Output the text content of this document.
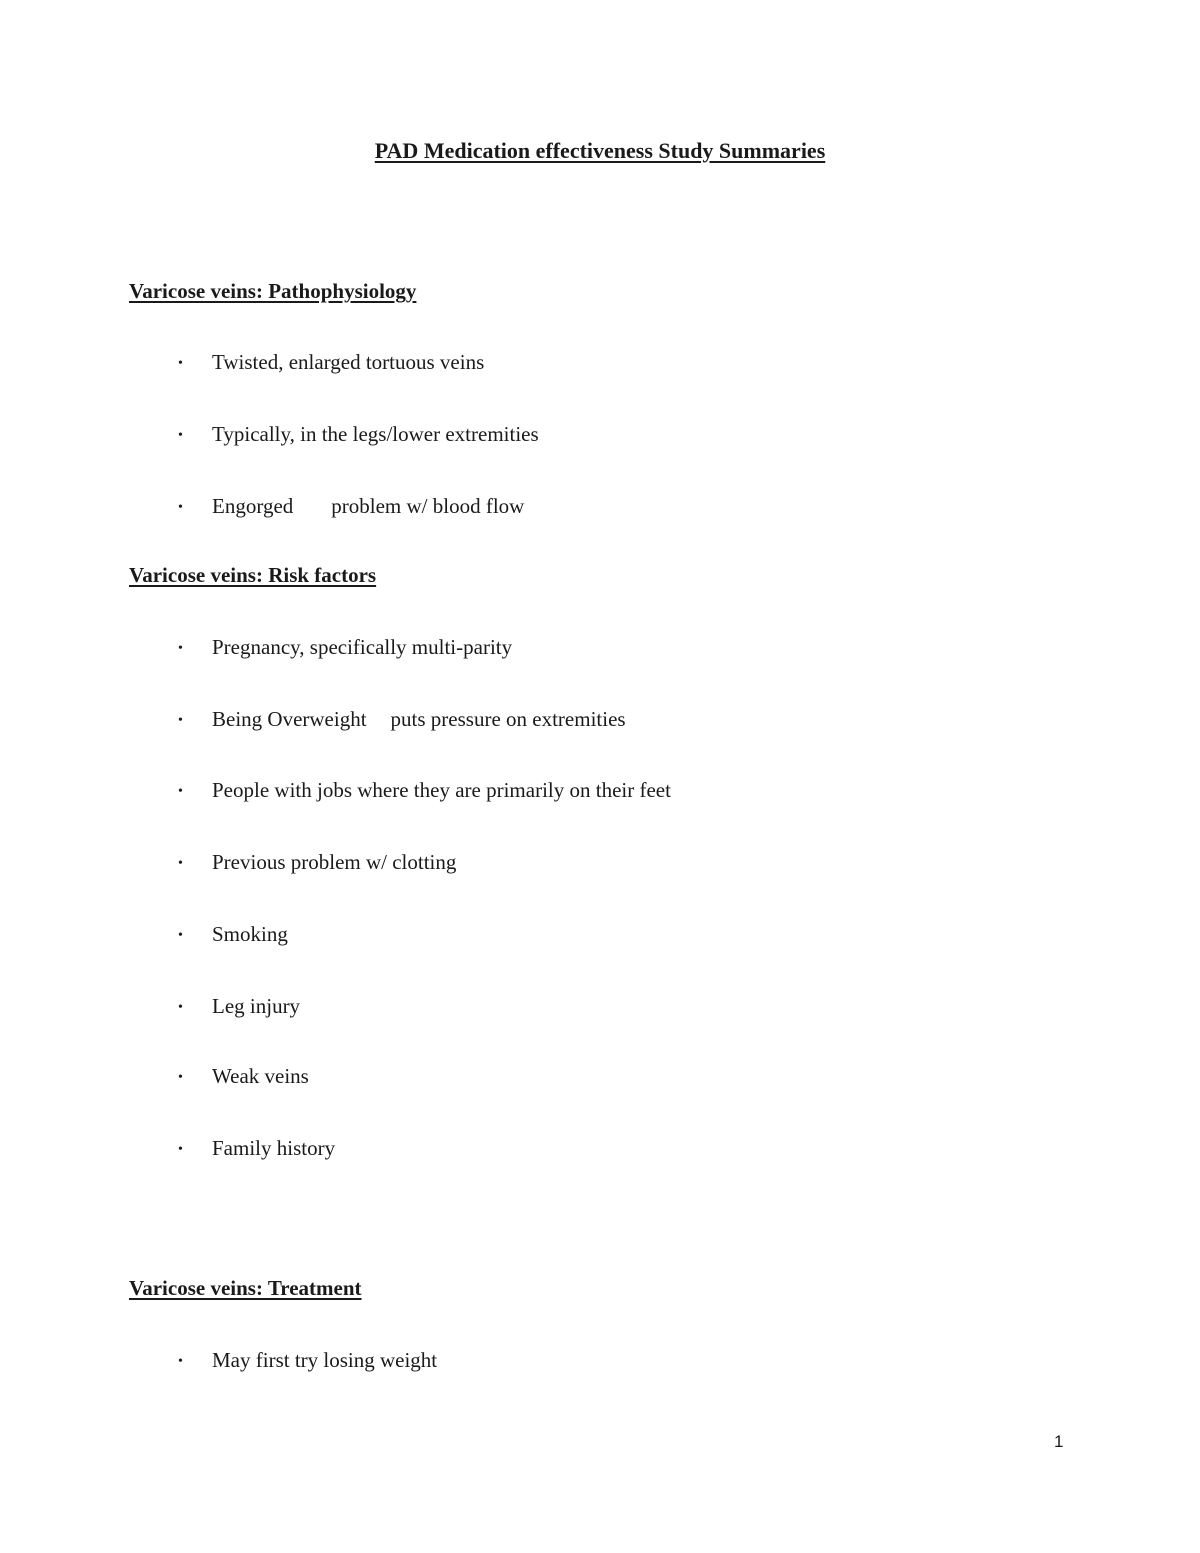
PAD Medication effectiveness Study Summaries
Varicose veins: Pathophysiology

• Twisted, enlarged tortuous veins

• Typically, in the legs/lower extremities

• Engorged problem w/ blood flow

Varicose veins: Risk factors

• Pregnancy, specifically multi-parity

• Being Overweight puts pressure on extremities

• People with jobs where they are primarily on their feet

• Previous problem w/ clotting

• Smoking

• Leg injury

• Weak veins

• Family history

Varicose veins: Treatment

• May first try losing weight

1
